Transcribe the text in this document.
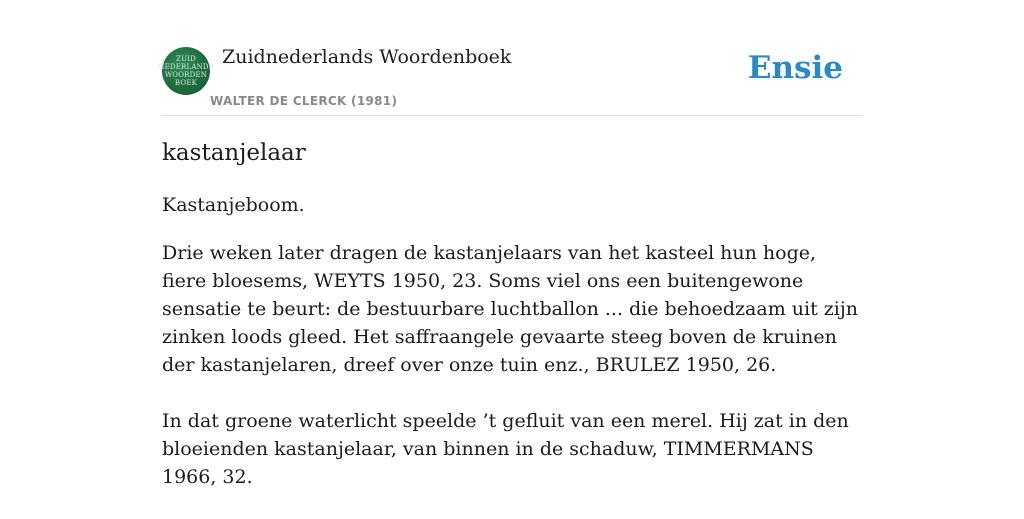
ZUID
NEDERLANDS
WOORDEN
BOEK
Zuidnederlands Woordenboek
WALTER DE CLERCK (1981)
Ensie
kastanjelaar
Kastanjeboom.

Drie weken later dragen de kastanjelaars van het kasteel hun hoge, fiere bloesems, WEYTS 1950, 23. Soms viel ons een buitengewone sensatie te beurt: de bestuurbare luchtballon ... die behoedzaam uit zijn zinken loods gleed. Het saffraangele gevaarte steeg boven de kruinen der kastanjelaren, dreef over onze tuin enz., BRULEZ 1950, 26.

In dat groene waterlicht speelde ’t gefluit van een merel. Hij zat in den bloeienden kastanjelaar, van binnen in de schaduw, TIMMERMANS 1966, 32.
